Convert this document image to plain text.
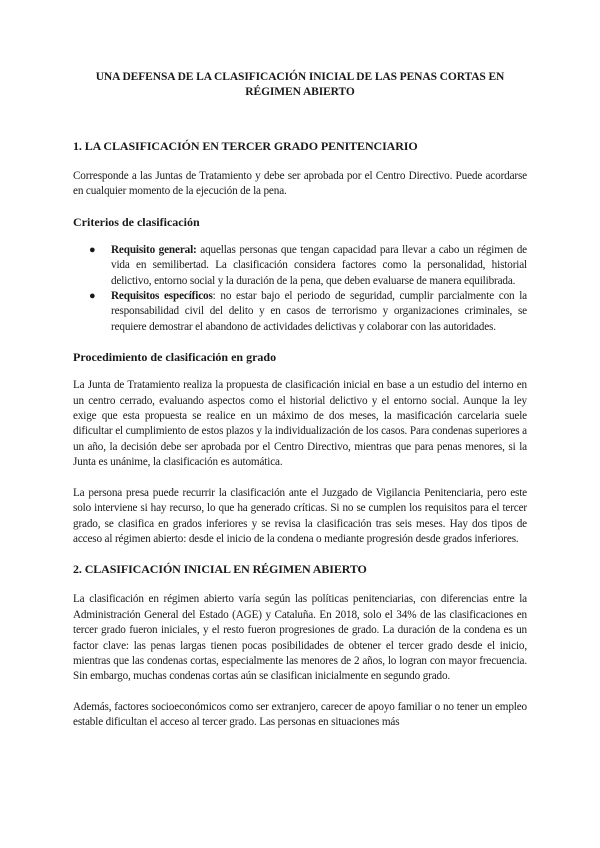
UNA DEFENSA DE LA CLASIFICACIÓN INICIAL DE LAS PENAS CORTAS EN
RÉGIMEN ABIERTO
1. LA CLASIFICACIÓN EN TERCER GRADO PENITENCIARIO

Corresponde a las Juntas de Tratamiento y debe ser aprobada por el Centro Directivo. Puede acordarse en cualquier momento de la ejecución de la pena.

Criterios de clasificación
● Requisito general: aquellas personas que tengan capacidad para llevar a cabo un régimen de vida en semilibertad. La clasificación considera factores como la personalidad, historial delictivo, entorno social y la duración de la pena, que deben evaluarse de manera equilibrada.
● Requisitos específicos: no estar bajo el periodo de seguridad, cumplir parcialmente con la responsabilidad civil del delito y en casos de terrorismo y organizaciones criminales, se requiere demostrar el abandono de actividades delictivas y colaborar con las autoridades.
Procedimiento de clasificación en grado

La Junta de Tratamiento realiza la propuesta de clasificación inicial en base a un estudio del interno en un centro cerrado, evaluando aspectos como el historial delictivo y el entorno social. Aunque la ley exige que esta propuesta se realice en un máximo de dos meses, la masificación carcelaria suele dificultar el cumplimiento de estos plazos y la individualización de los casos. Para condenas superiores a un año, la decisión debe ser aprobada por el Centro Directivo, mientras que para penas menores, si la Junta es unánime, la clasificación es automática.

La persona presa puede recurrir la clasificación ante el Juzgado de Vigilancia Penitenciaria, pero este solo interviene si hay recurso, lo que ha generado críticas. Si no se cumplen los requisitos para el tercer grado, se clasifica en grados inferiores y se revisa la clasificación tras seis meses. Hay dos tipos de acceso al régimen abierto: desde el inicio de la condena o mediante progresión desde grados inferiores.

2. CLASIFICACIÓN INICIAL EN RÉGIMEN ABIERTO

La clasificación en régimen abierto varía según las políticas penitenciarias, con diferencias entre la Administración General del Estado (AGE) y Cataluña. En 2018, solo el 34% de las clasificaciones en tercer grado fueron iniciales, y el resto fueron progresiones de grado. La duración de la condena es un factor clave: las penas largas tienen pocas posibilidades de obtener el tercer grado desde el inicio, mientras que las condenas cortas, especialmente las menores de 2 años, lo logran con mayor frecuencia. Sin embargo, muchas condenas cortas aún se clasifican inicialmente en segundo grado.

Además, factores socioeconómicos como ser extranjero, carecer de apoyo familiar o no tener un empleo estable dificultan el acceso al tercer grado. Las personas en situaciones más
